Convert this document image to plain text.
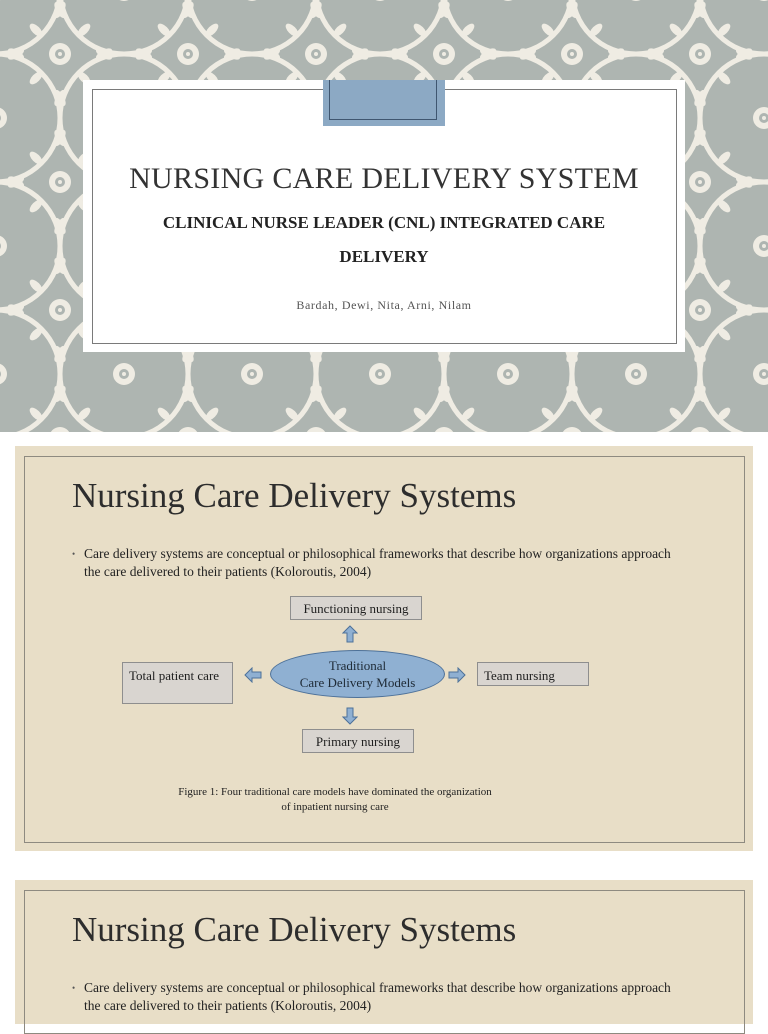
NURSING CARE DELIVERY SYSTEM
CLINICAL NURSE LEADER (CNL) INTEGRATED CARE DELIVERY
Bardah, Dewi, Nita, Arni, Nilam
Nursing Care Delivery Systems
• Care delivery systems are conceptual or philosophical frameworks that describe how organizations approach the care delivered to their patients (Koloroutis, 2004)
Functioning nursing
Total patient care
Traditional
Care Delivery Models	Team nursing
Primary nursing
Figure 1: Four traditional care models have dominated the organization
of inpatient nursing care
Nursing Care Delivery Systems
• Care delivery systems are conceptual or philosophical frameworks that describe how organizations approach the care delivered to their patients (Koloroutis, 2004)
